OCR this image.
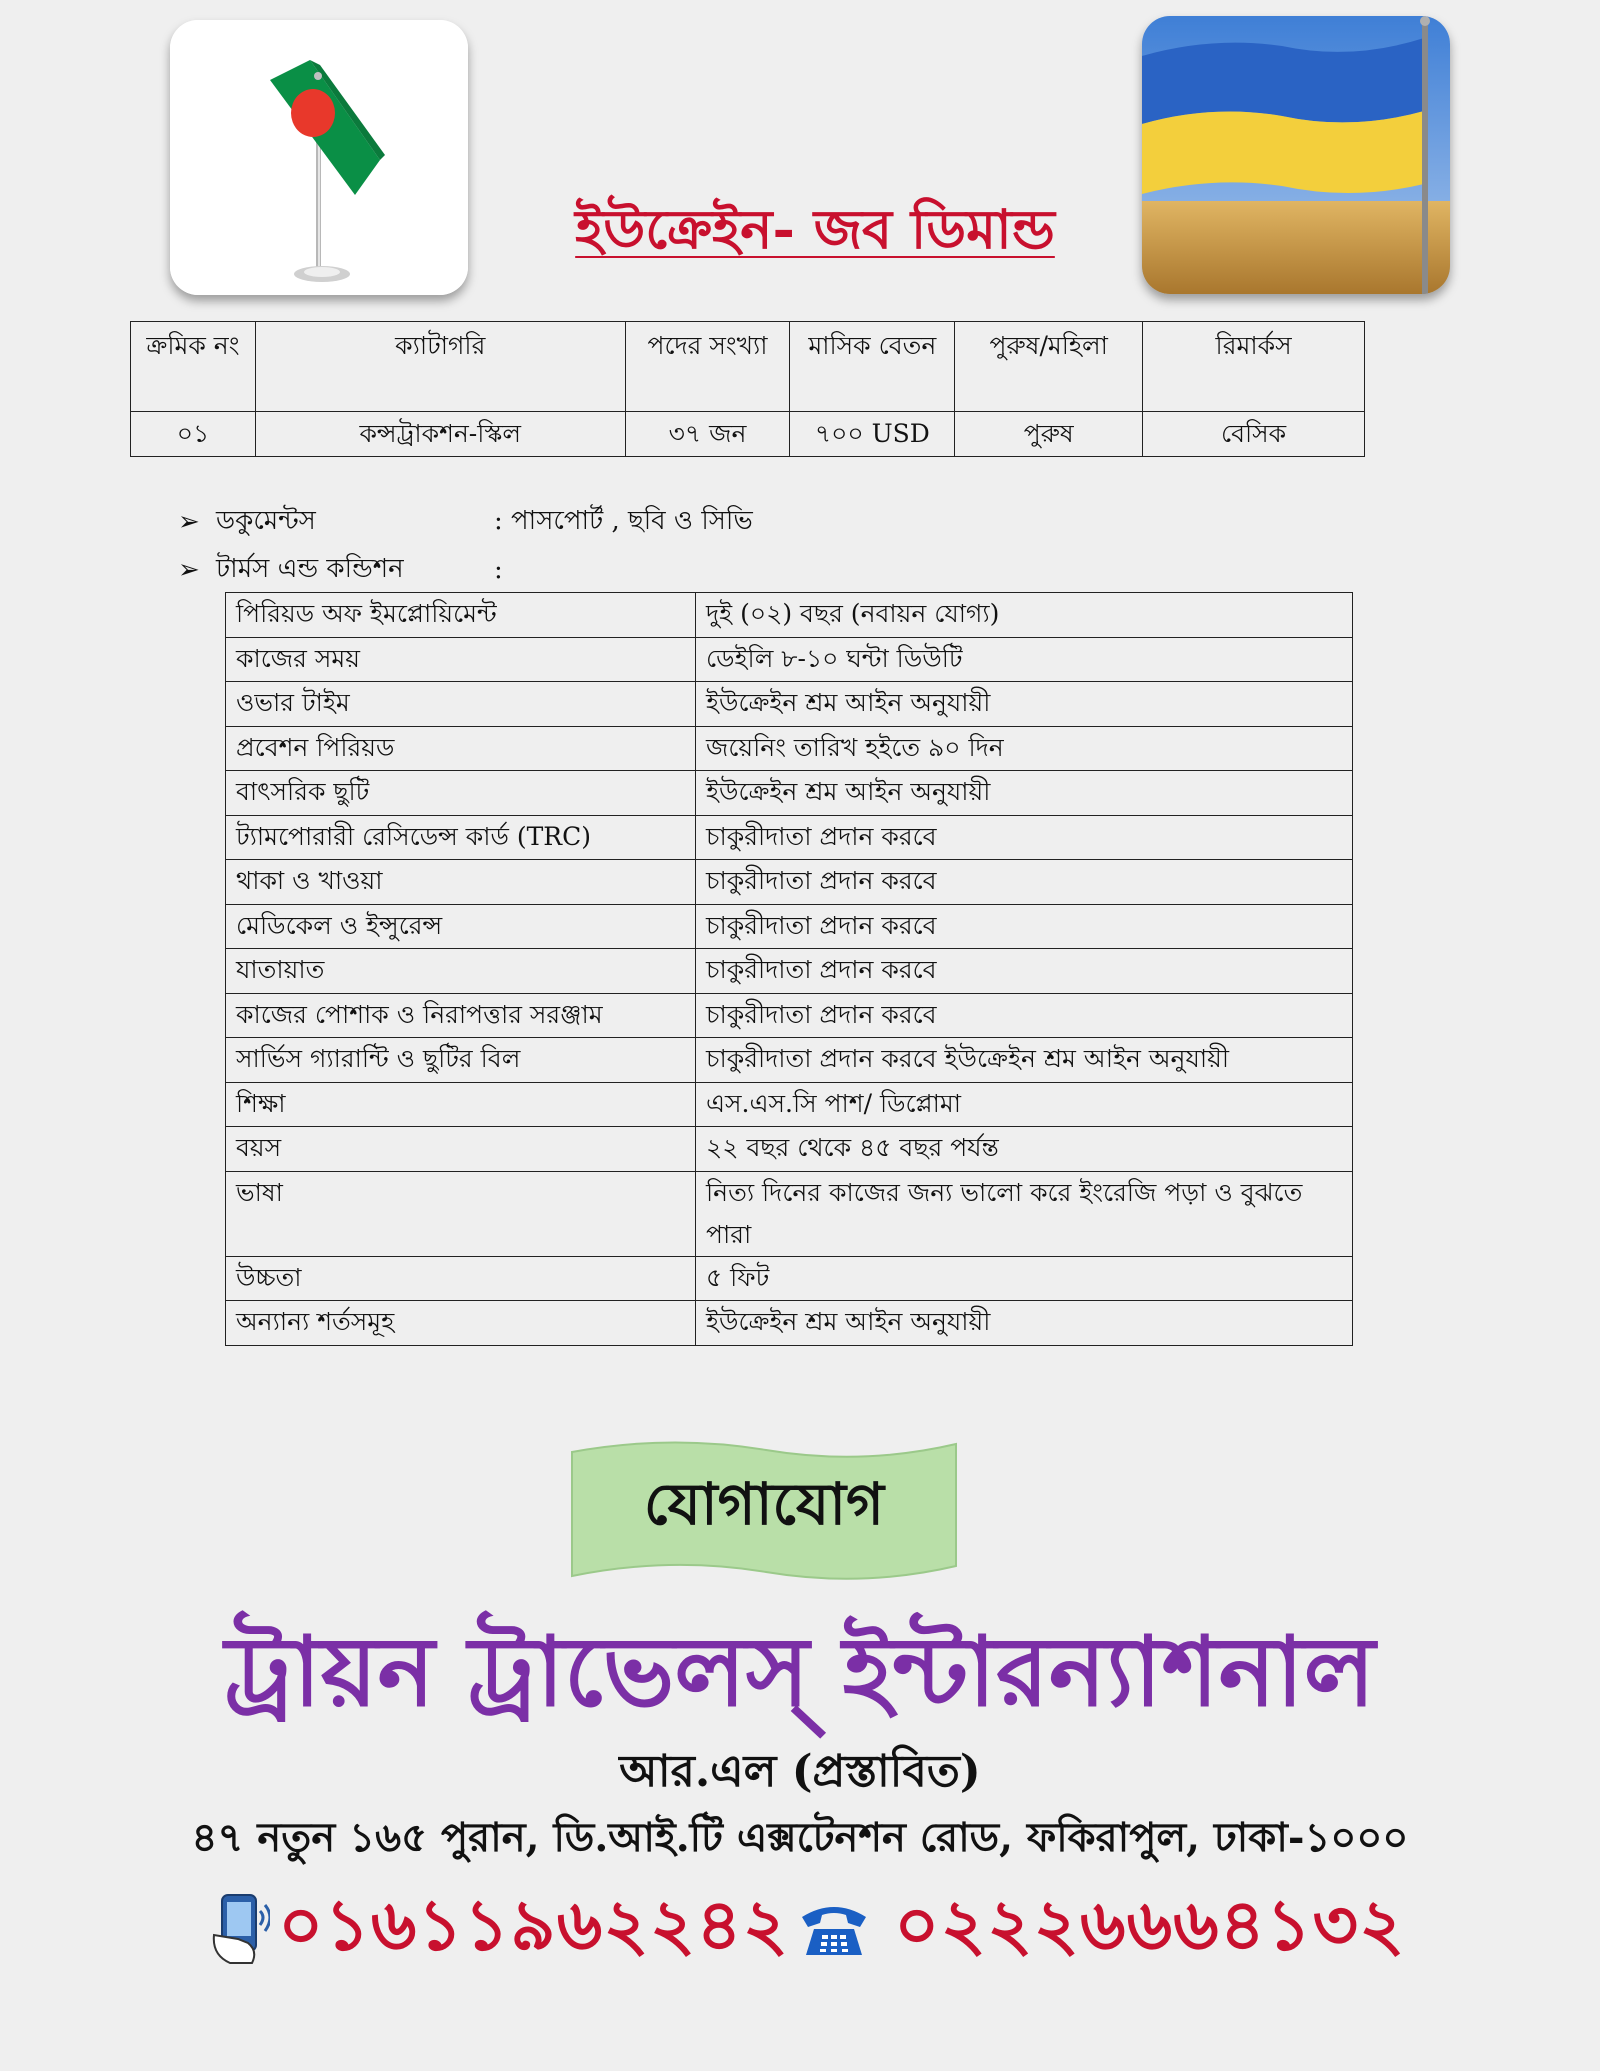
ইউক্রেইন- জব ডিমান্ড
ক্রমিক নং	ক্যাটাগরি	পদের সংখ্যা	মাসিক বেতন	পুরুষ/মহিলা	রিমার্কস
০১	কন্সট্রাকশন-স্কিল	৩৭ জন	৭০০ USD	পুরুষ	বেসিক
➢ ডকুমেন্টস	: পাসপোর্ট , ছবি ও সিভি
➢ টার্মস এন্ড কন্ডিশন	:
পিরিয়ড অফ ইমপ্লোয়িমেন্ট	দুই (০২) বছর (নবায়ন যোগ্য)
কাজের সময়	ডেইলি ৮-১০ ঘন্টা ডিউটি
ওভার টাইম	ইউক্রেইন শ্রম আইন অনুযায়ী
প্রবেশন পিরিয়ড	জয়েনিং তারিখ হইতে ৯০ দিন
বাৎসরিক ছুটি	ইউক্রেইন শ্রম আইন অনুযায়ী
ট্যামপোরারী রেসিডেন্স কার্ড (TRC)	চাকুরীদাতা প্রদান করবে
থাকা ও খাওয়া	চাকুরীদাতা প্রদান করবে
মেডিকেল ও ইন্সুরেন্স	চাকুরীদাতা প্রদান করবে
যাতায়াত	চাকুরীদাতা প্রদান করবে
কাজের পোশাক ও নিরাপত্তার সরঞ্জাম	চাকুরীদাতা প্রদান করবে
সার্ভিস গ্যারান্টি ও ছুটির বিল	চাকুরীদাতা প্রদান করবে ইউক্রেইন শ্রম আইন অনুযায়ী
শিক্ষা	এস.এস.সি পাশ/ ডিপ্লোমা
বয়স	২২ বছর থেকে ৪৫ বছর পর্যন্ত
ভাষা	নিত্য দিনের কাজের জন্য ভালো করে ইংরেজি পড়া ও বুঝতে পারা
উচ্চতা	৫ ফিট
অন্যান্য শর্তসমূহ	ইউক্রেইন শ্রম আইন অনুযায়ী
যোগাযোগ
ট্রায়ন ট্রাভেলস্ ইন্টারন্যাশনাল
আর.এল (প্রস্তাবিত)
৪৭ নতুন ১৬৫ পুরান, ডি.আই.টি এক্সটেনশন রোড, ফকিরাপুল, ঢাকা-১০০০
০১৬১১৯৬২২৪২ ০২২২৬৬৬৪১৩২
